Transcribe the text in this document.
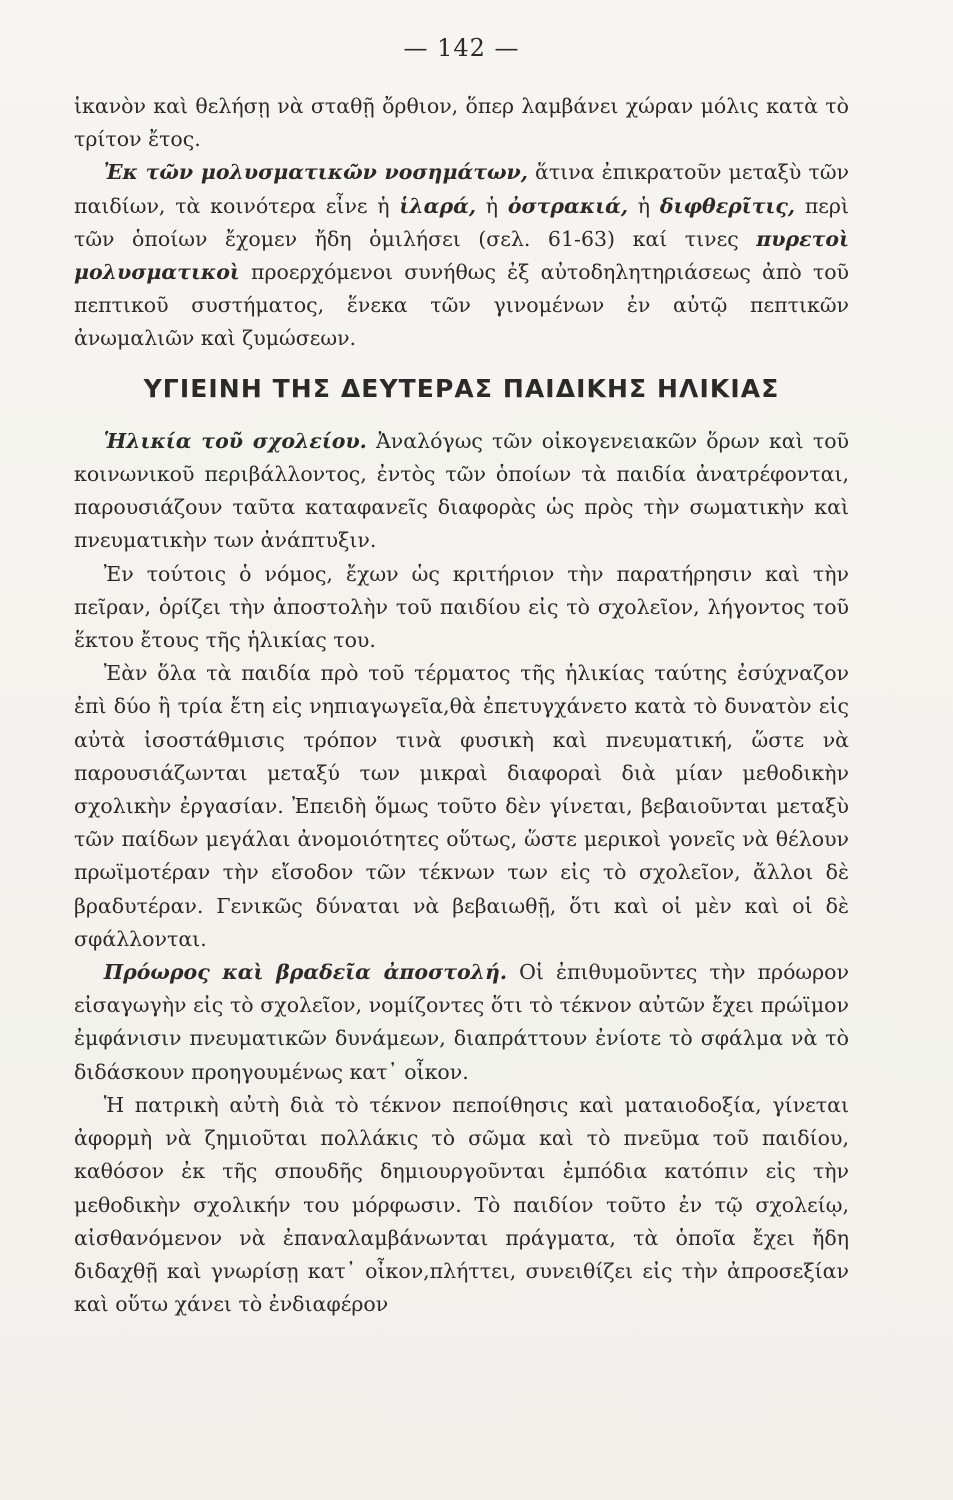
— 142 —

ἱκανὸν καὶ θελήσῃ νὰ σταθῇ ὄρθιον, ὅπερ λαμβάνει χώραν μόλις κατὰ τὸ τρίτον ἔτος.

Ἐκ τῶν μολυσματικῶν νοσημάτων, ἅτινα ἐπικρατοῦν μεταξὺ τῶν παιδίων, τὰ κοινότερα εἶνε ἡ ἱλαρά, ἡ ὀστρακιά, ἡ διφθερῖτις, περὶ τῶν ὁποίων ἔχομεν ἤδη ὁμιλήσει (σελ. 61-63) καί τινες πυρετοὶ μολυσματικοὶ προερχόμενοι συνήθως ἐξ αὐτοδηλητηριάσεως ἀπὸ τοῦ πεπτικοῦ συστήματος, ἕνεκα τῶν γινομένων ἐν αὐτῷ πεπτικῶν ἀνωμαλιῶν καὶ ζυμώσεων.

ΥΓΙΕΙΝΗ ΤΗΣ ΔΕΥΤΕΡΑΣ ΠΑΙΔΙΚΗΣ ΗΛΙΚΙΑΣ

Ἡλικία τοῦ σχολείου. Ἀναλόγως τῶν οἰκογενειακῶν ὅρων καὶ τοῦ κοινωνικοῦ περιβάλλοντος, ἐντὸς τῶν ὁποίων τὰ παιδία ἀνατρέφονται, παρουσιάζουν ταῦτα καταφανεῖς διαφορὰς ὡς πρὸς τὴν σωματικὴν καὶ πνευματικὴν των ἀνάπτυξιν.

Ἐν τούτοις ὁ νόμος, ἔχων ὡς κριτήριον τὴν παρατήρησιν καὶ τὴν πεῖραν, ὁρίζει τὴν ἀποστολὴν τοῦ παιδίου εἰς τὸ σχολεῖον, λήγοντος τοῦ ἕκτου ἔτους τῆς ἡλικίας του.

Ἐὰν ὅλα τὰ παιδία πρὸ τοῦ τέρματος τῆς ἡλικίας ταύτης ἐσύχναζον ἐπὶ δύο ἢ τρία ἔτη εἰς νηπιαγωγεῖα,θὰ ἐπετυγχάνετο κατὰ τὸ δυνατὸν εἰς αὐτὰ ἰσοστάθμισις τρόπον τινὰ φυσικὴ καὶ πνευματική, ὥστε νὰ παρουσιάζωνται μεταξύ των μικραὶ διαφοραὶ διὰ μίαν μεθοδικὴν σχολικὴν ἐργασίαν. Ἐπειδὴ ὅμως τοῦτο δὲν γίνεται, βεβαιοῦνται μεταξὺ τῶν παίδων μεγάλαι ἀνομοιότητες οὕτως, ὥστε μερικοὶ γονεῖς νὰ θέλουν πρωϊμοτέραν τὴν εἴσοδον τῶν τέκνων των εἰς τὸ σχολεῖον, ἄλλοι δὲ βραδυτέραν. Γενικῶς δύναται νὰ βεβαιωθῇ, ὅτι καὶ οἱ μὲν καὶ οἱ δὲ σφάλλονται.

Πρόωρος καὶ βραδεῖα ἀποστολή. Οἱ ἐπιθυμοῦντες τὴν πρόωρον εἰσαγωγὴν εἰς τὸ σχολεῖον, νομίζοντες ὅτι τὸ τέκνον αὐτῶν ἔχει πρώϊμον ἐμφάνισιν πνευματικῶν δυνάμεων, διαπράττουν ἐνίοτε τὸ σφάλμα νὰ τὸ διδάσκουν προηγουμένως κατ᾽ οἶκον.

Ἡ πατρικὴ αὐτὴ διὰ τὸ τέκνον πεποίθησις καὶ ματαιοδοξία, γίνεται ἀφορμὴ νὰ ζημιοῦται πολλάκις τὸ σῶμα καὶ τὸ πνεῦμα τοῦ παιδίου, καθόσον ἐκ τῆς σπουδῆς δημιουργοῦνται ἐμπόδια κατόπιν εἰς τὴν μεθοδικὴν σχολικήν του μόρφωσιν. Τὸ παιδίον τοῦτο ἐν τῷ σχολείῳ, αἰσθανόμενον νὰ ἐπαναλαμβάνωνται πράγματα, τὰ ὁποῖα ἔχει ἤδη διδαχθῇ καὶ γνωρίσῃ κατ᾽ οἶκον,πλήττει, συνειθίζει εἰς τὴν ἀπροσεξίαν καὶ οὕτω χάνει τὸ ἐνδιαφέρον
